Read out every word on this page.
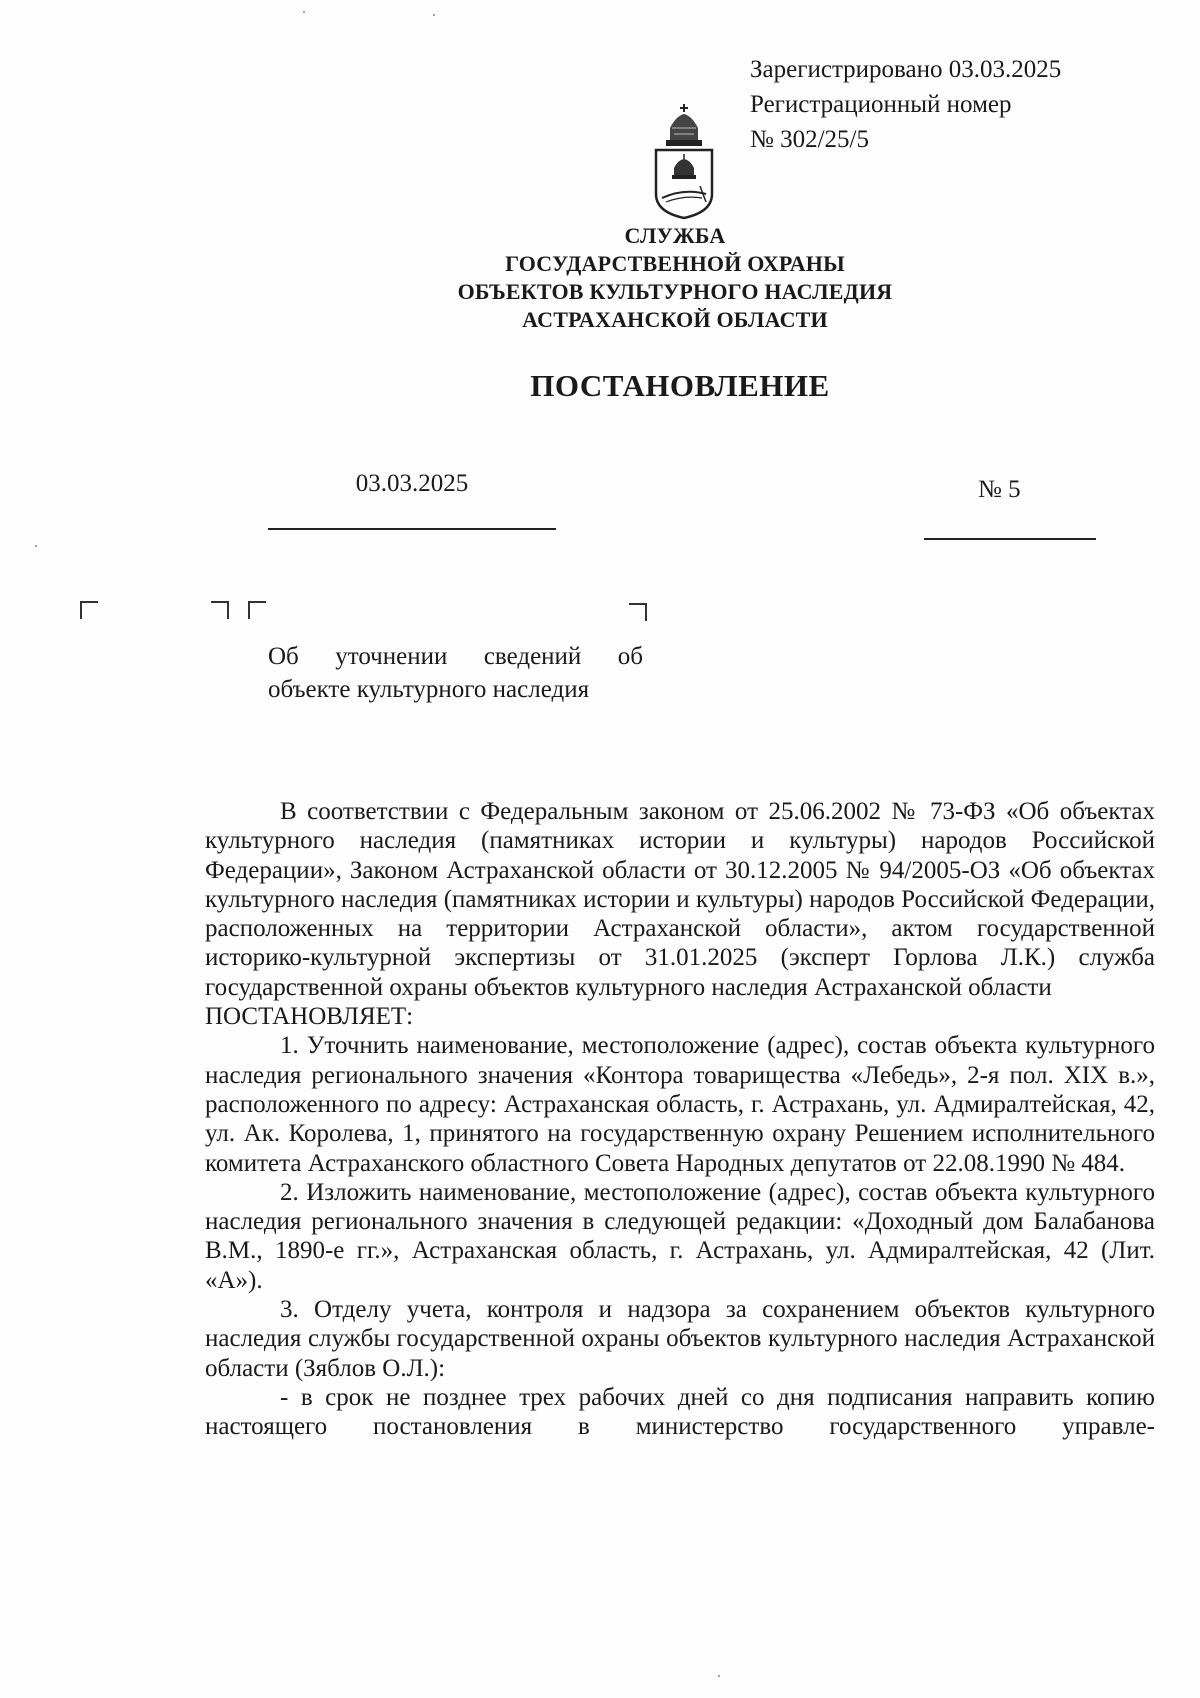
Зарегистрировано 03.03.2025
Регистрационный номер
№ 302/25/5
СЛУЖБА
ГОСУДАРСТВЕННОЙ ОХРАНЫ
ОБЪЕКТОВ КУЛЬТУРНОГО НАСЛЕДИЯ
АСТРАХАНСКОЙ ОБЛАСТИ
ПОСТАНОВЛЕНИЕ
03.03.2025	№ 5
Об уточнении сведений об
объекте культурного наследия

В соответствии с Федеральным законом от 25.06.2002 № 73-ФЗ «Об объектах культурного наследия (памятниках истории и культуры) народов Российской Федерации», Законом Астраханской области от 30.12.2005 № 94/2005-ОЗ «Об объектах культурного наследия (памятниках истории и культуры) народов Российской Федерации, расположенных на территории Астраханской области», актом государственной историко-культурной экспертизы от 31.01.2025 (эксперт Горлова Л.К.) служба государственной охраны объектов культурного наследия Астраханской области

ПОСТАНОВЛЯЕТ:

1. Уточнить наименование, местоположение (адрес), состав объекта культурного наследия регионального значения «Контора товарищества «Лебедь», 2-я пол. XIX в.», расположенного по адресу: Астраханская область, г. Астрахань, ул. Адмиралтейская, 42, ул. Ак. Королева, 1, принятого на государственную охрану Решением исполнительного комитета Астраханского областного Совета Народных депутатов от 22.08.1990 № 484.

2. Изложить наименование, местоположение (адрес), состав объекта культурного наследия регионального значения в следующей редакции: «Доходный дом Балабанова В.М., 1890-е гг.», Астраханская область, г. Астрахань, ул. Адмиралтейская, 42 (Лит. «А»).

3. Отделу учета, контроля и надзора за сохранением объектов культурного наследия службы государственной охраны объектов культурного наследия Астраханской области (Зяблов О.Л.):

- в срок не позднее трех рабочих дней со дня подписания направить копию настоящего постановления в министерство государственного управле-
